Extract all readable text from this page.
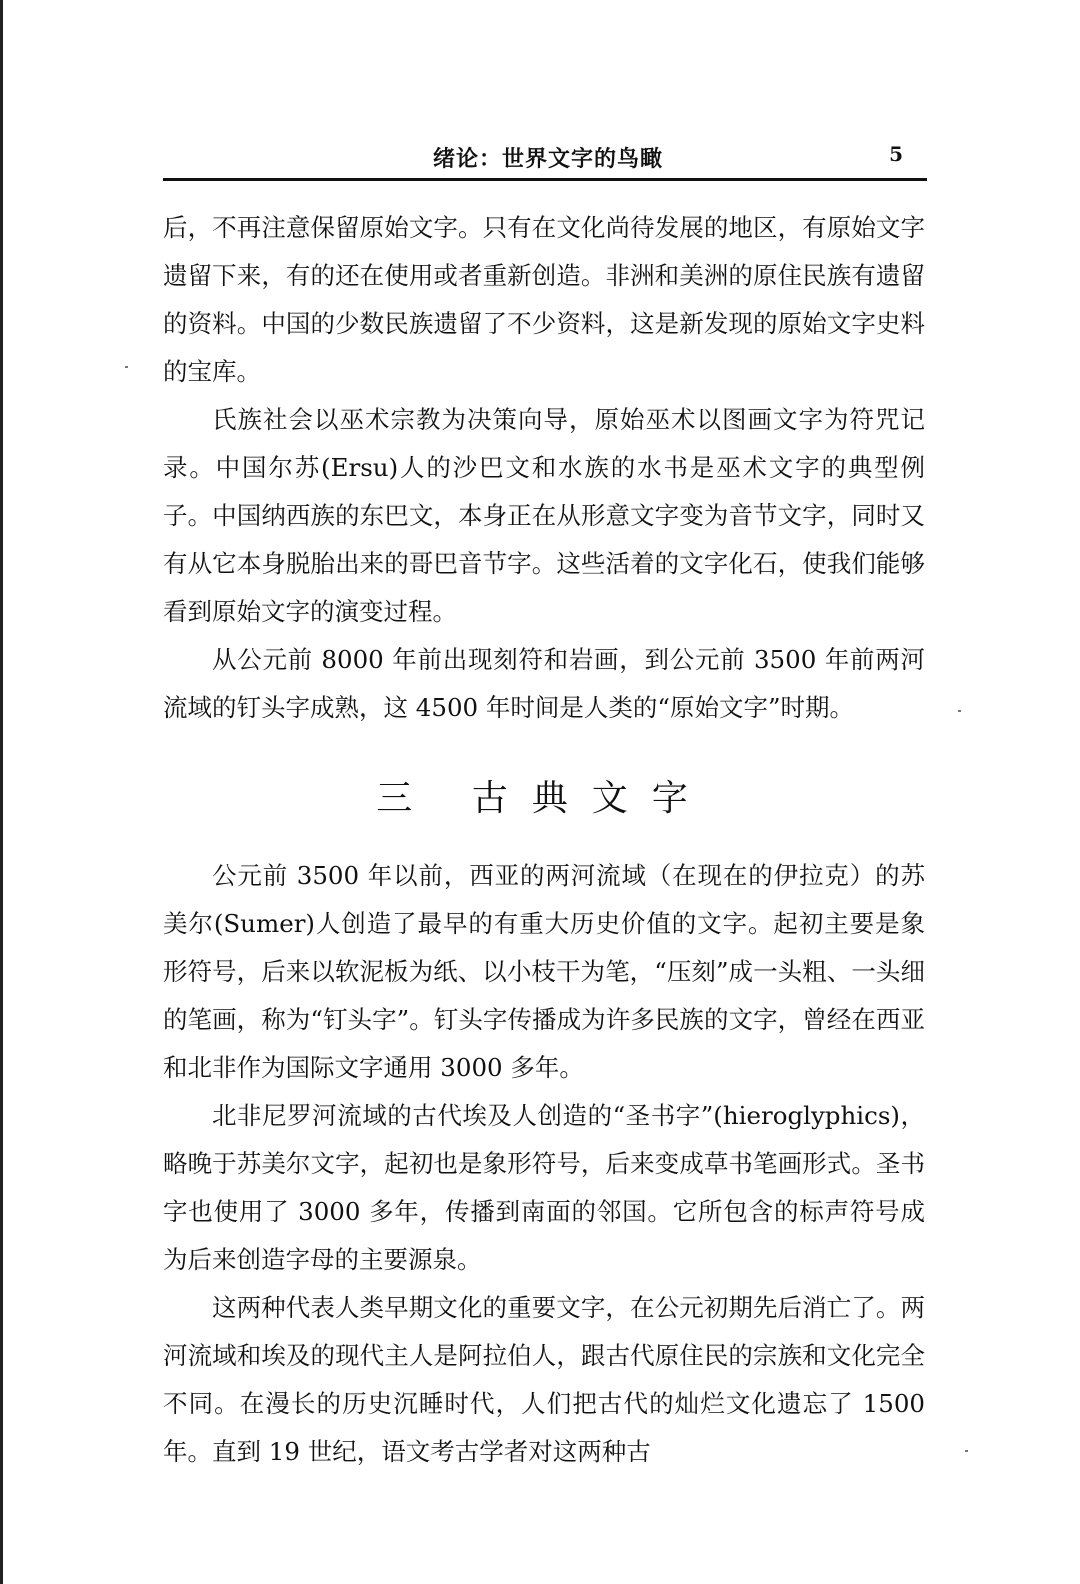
绪论：世界文字的鸟瞰	5

后，不再注意保留原始文字。只有在文化尚待发展的地区，有原始文字遗留下来，有的还在使用或者重新创造。非洲和美洲的原住民族有遗留的资料。中国的少数民族遗留了不少资料，这是新发现的原始文字史料的宝库。

氏族社会以巫术宗教为决策向导，原始巫术以图画文字为符咒记录。中国尔苏(Ersu)人的沙巴文和水族的水书是巫术文字的典型例子。中国纳西族的东巴文，本身正在从形意文字变为音节文字，同时又有从它本身脱胎出来的哥巴音节字。这些活着的文字化石，使我们能够看到原始文字的演变过程。

从公元前 8000 年前出现刻符和岩画，到公元前 3500 年前两河流域的钉头字成熟，这 4500 年时间是人类的“原始文字”时期。

三 古典文字

公元前 3500 年以前，西亚的两河流域（在现在的伊拉克）的苏美尔(Sumer)人创造了最早的有重大历史价值的文字。起初主要是象形符号，后来以软泥板为纸、以小枝干为笔，“压刻”成一头粗、一头细的笔画，称为“钉头字”。钉头字传播成为许多民族的文字，曾经在西亚和北非作为国际文字通用 3000 多年。

北非尼罗河流域的古代埃及人创造的“圣书字”(hieroglyphics)，略晚于苏美尔文字，起初也是象形符号，后来变成草书笔画形式。圣书字也使用了 3000 多年，传播到南面的邻国。它所包含的标声符号成为后来创造字母的主要源泉。

这两种代表人类早期文化的重要文字，在公元初期先后消亡了。两河流域和埃及的现代主人是阿拉伯人，跟古代原住民的宗族和文化完全不同。在漫长的历史沉睡时代，人们把古代的灿烂文化遗忘了 1500 年。直到 19 世纪，语文考古学者对这两种古
